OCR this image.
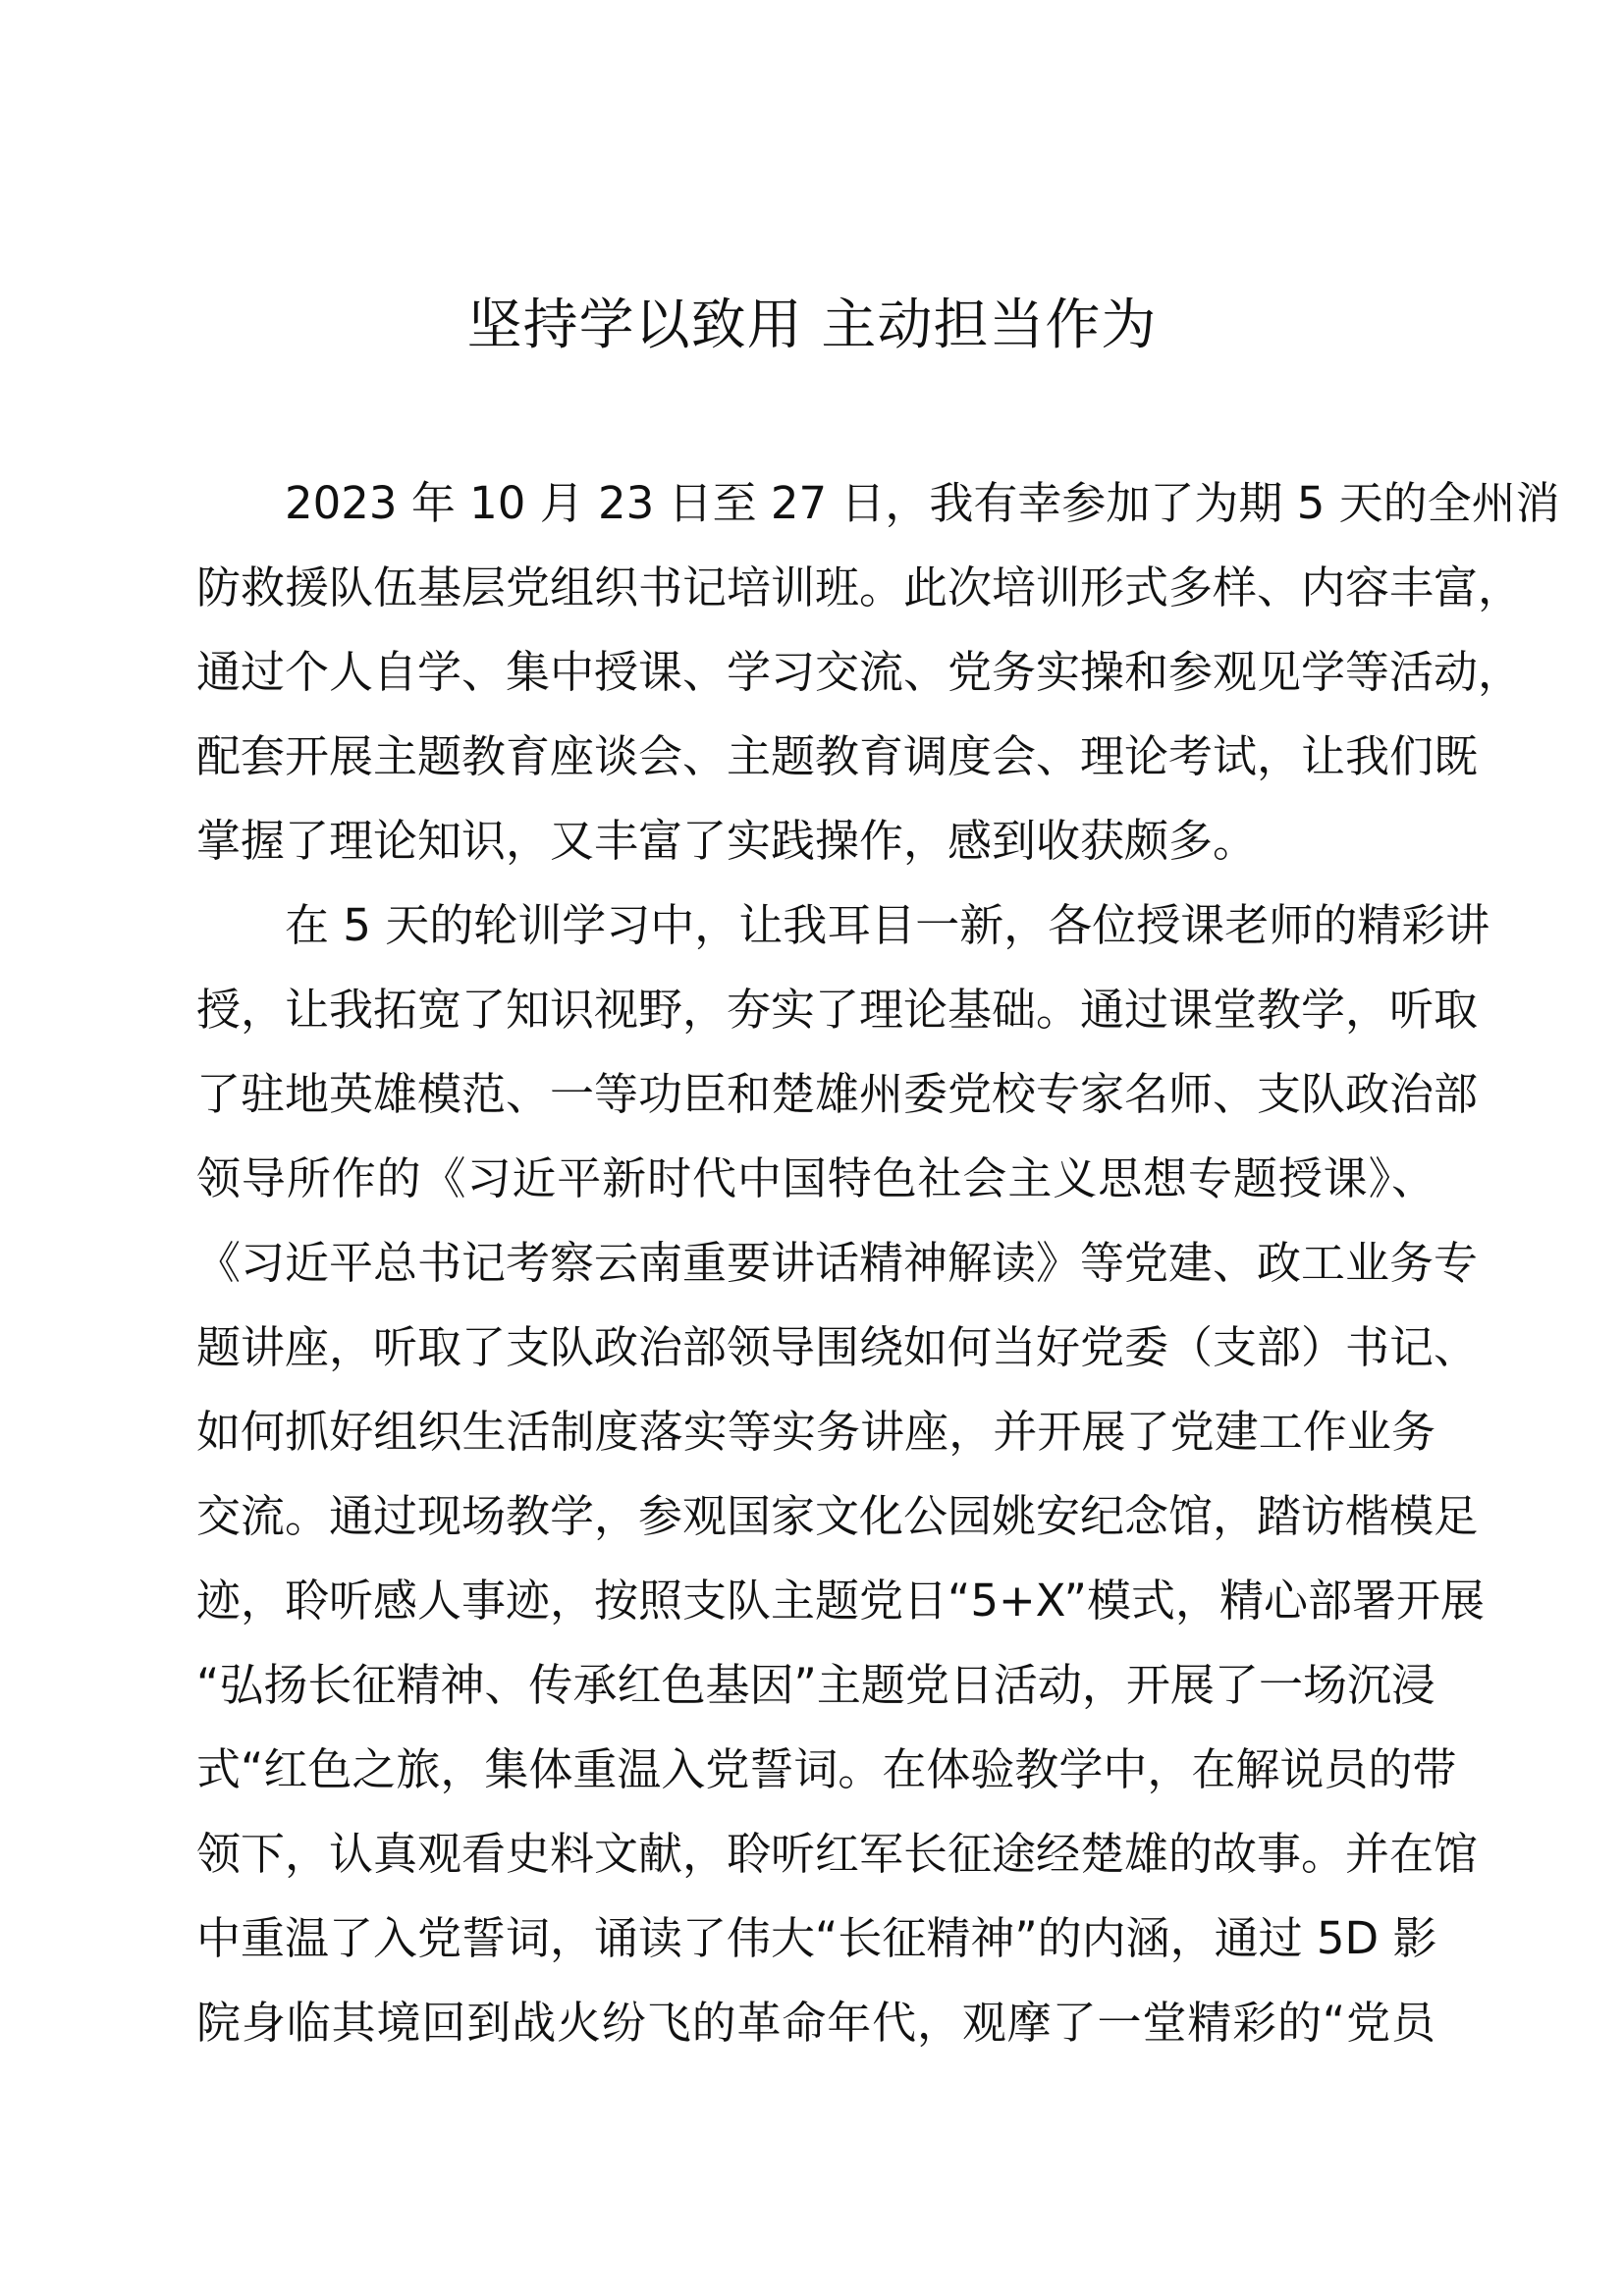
坚持学以致用 主动担当作为
2023 年 10 月 23 日至 27 日，我有幸参加了为期 5 天的全州消
防救援队伍基层党组织书记培训班。此次培训形式多样、内容丰富，
通过个人自学、集中授课、学习交流、党务实操和参观见学等活动，
配套开展主题教育座谈会、主题教育调度会、理论考试，让我们既
掌握了理论知识，又丰富了实践操作，感到收获颇多。
在 5 天的轮训学习中，让我耳目一新，各位授课老师的精彩讲
授，让我拓宽了知识视野，夯实了理论基础。通过课堂教学，听取
了驻地英雄模范、一等功臣和楚雄州委党校专家名师、支队政治部
领导所作的《习近平新时代中国特色社会主义思想专题授课》、
《习近平总书记考察云南重要讲话精神解读》等党建、政工业务专
题讲座，听取了支队政治部领导围绕如何当好党委（支部）书记、
如何抓好组织生活制度落实等实务讲座，并开展了党建工作业务
交流。通过现场教学，参观国家文化公园姚安纪念馆，踏访楷模足
迹，聆听感人事迹，按照支队主题党日“5+X”模式，精心部署开展
“弘扬长征精神、传承红色基因”主题党日活动，开展了一场沉浸
式“红色之旅，集体重温入党誓词。在体验教学中，在解说员的带
领下，认真观看史料文献，聆听红军长征途经楚雄的故事。并在馆
中重温了入党誓词，诵读了伟大“长征精神”的内涵，通过 5D 影
院身临其境回到战火纷飞的革命年代，观摩了一堂精彩的“党员
